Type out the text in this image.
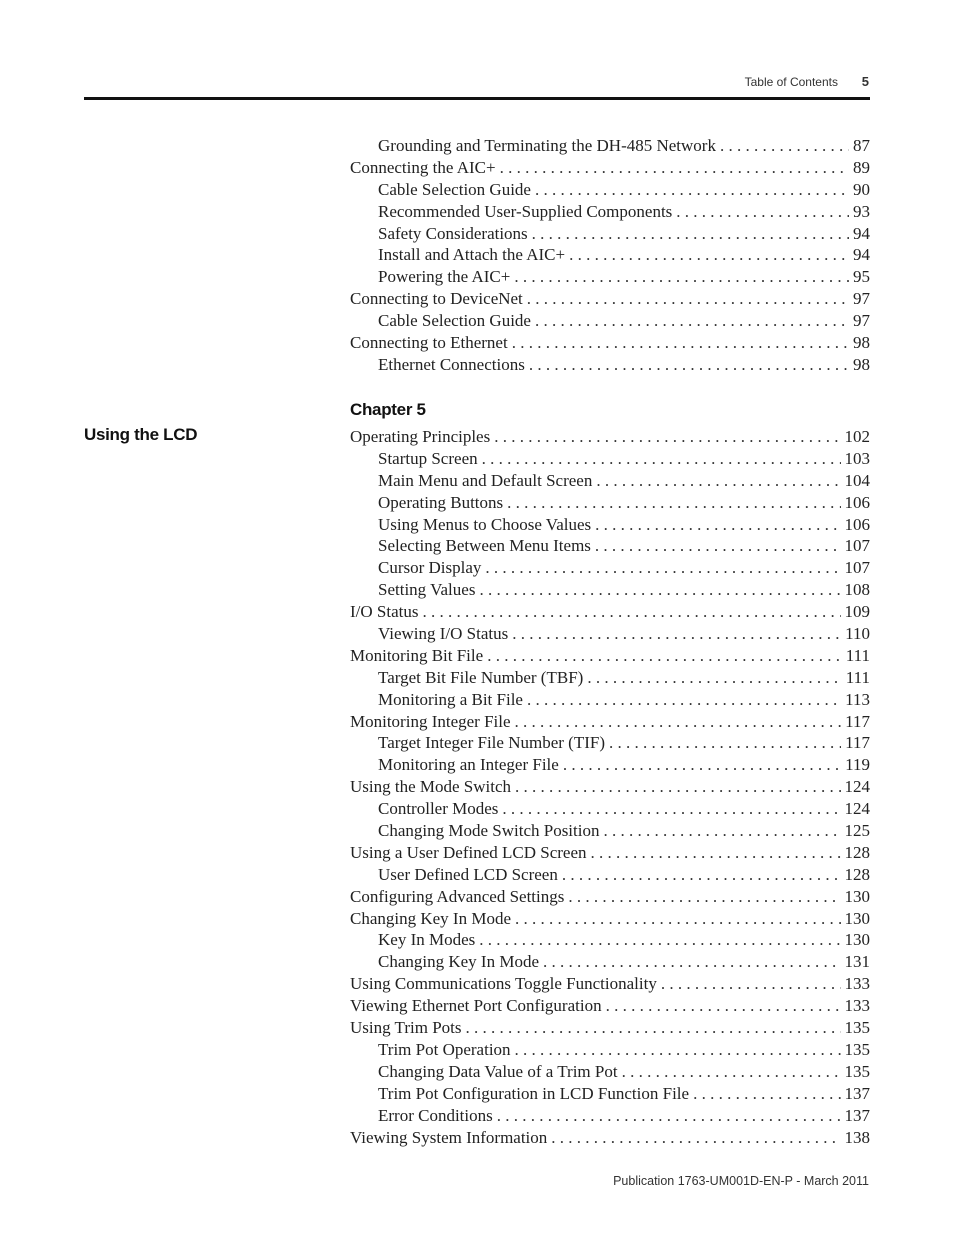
Table of Contents 5
Using the LCD
Chapter 5
Grounding and Terminating the DH-485 Network . . .	87
Connecting the AIC+ . . .	89
Cable Selection Guide . . .	90
Recommended User-Supplied Components . . .	93
Safety Considerations . . .	94
Install and Attach the AIC+ . . .	94
Powering the AIC+ . . .	95
Connecting to DeviceNet . . .	97
Cable Selection Guide . . .	97
Connecting to Ethernet . . .	98
Ethernet Connections . . .	98
Operating Principles . . .	102
Startup Screen . . .	103
Main Menu and Default Screen . . .	104
Operating Buttons . . .	106
Using Menus to Choose Values . . .	106
Selecting Between Menu Items . . .	107
Cursor Display . . .	107
Setting Values . . .	108
I/O Status . . .	109
Viewing I/O Status . . .	110
Monitoring Bit File . . .	111
Target Bit File Number (TBF) . . .	111
Monitoring a Bit File . . .	113
Monitoring Integer File . . .	117
Target Integer File Number (TIF) . . .	117
Monitoring an Integer File . . .	119
Using the Mode Switch . . .	124
Controller Modes . . .	124
Changing Mode Switch Position . . .	125
Using a User Defined LCD Screen . . .	128
User Defined LCD Screen . . .	128
Configuring Advanced Settings . . .	130
Changing Key In Mode . . .	130
Key In Modes . . .	130
Changing Key In Mode . . .	131
Using Communications Toggle Functionality . . .	133
Viewing Ethernet Port Configuration . . .	133
Using Trim Pots . . .	135
Trim Pot Operation . . .	135
Changing Data Value of a Trim Pot . . .	135
Trim Pot Configuration in LCD Function File . . .	137
Error Conditions . . .	137
Viewing System Information . . .	138
Publication 1763-UM001D-EN-P - March 2011
